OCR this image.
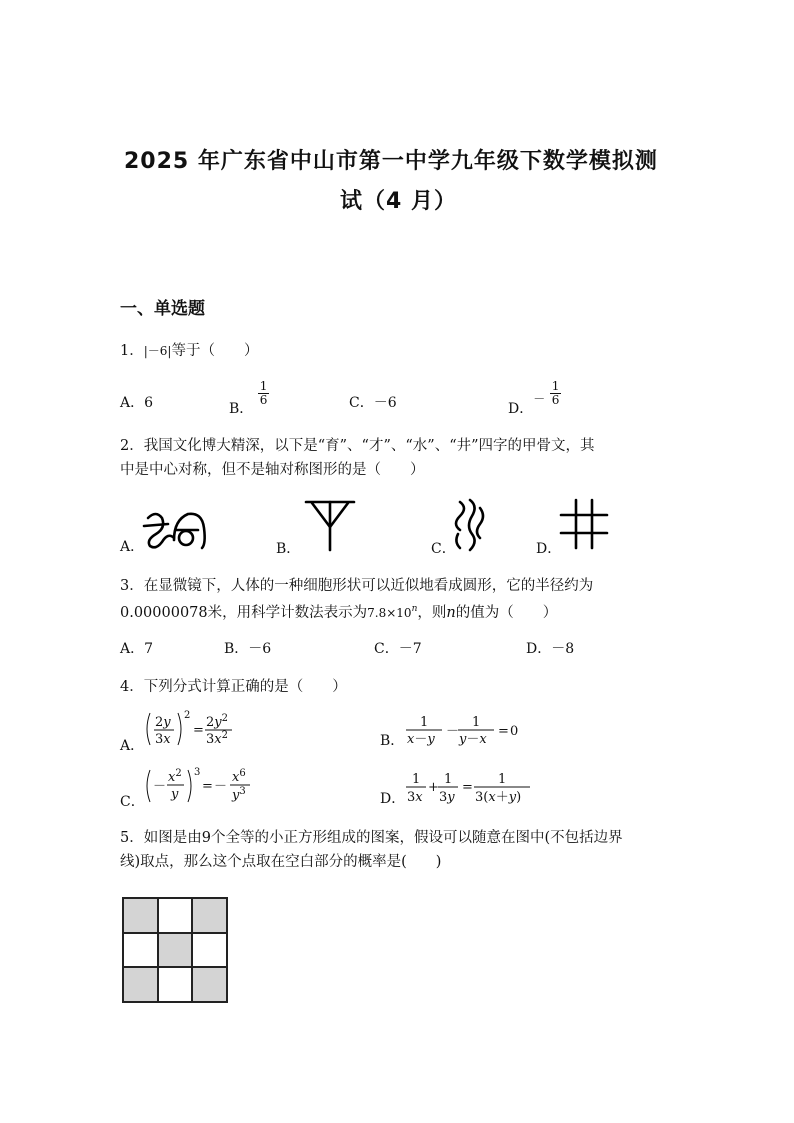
2025 年广东省中山市第一中学九年级下数学模拟测
试（4 月）
一、单选题
1．|－6|等于（　　）
A．6	B．
$\frac{1}{6}$	C．－6	D．－ $\frac{1}{6}$
2．我国文化博大精深，以下是“育”、“才”、“水”、“井”四字的甲骨文，其
中是中心对称，但不是轴对称图形的是（　　）
A．	B．	C．	D．
3．在显微镜下，人体的一种细胞形状可以近似地看成圆形，它的半径约为
0.00000078米，用科学计数法表示为$7.8\times 10^n$，则n的值为（　　）
A．7	B．－6	C．－7	D．－8
4．下列分式计算正确的是（　　）
A．
2y
3x
2
=
$2y^2$
$3x^2$	B．
1
x－y
－
1
y－x
= 0
C．
－
$x^2$
y
3
= －
$x^6$
$y^3$	D．
1
3x
+
1
3y
=
1
3(x＋y)
5．如图是由9个全等的小正方形组成的图案，假设可以随意在图中(不包括边界
线)取点，那么这个点取在空白部分的概率是(　　)
